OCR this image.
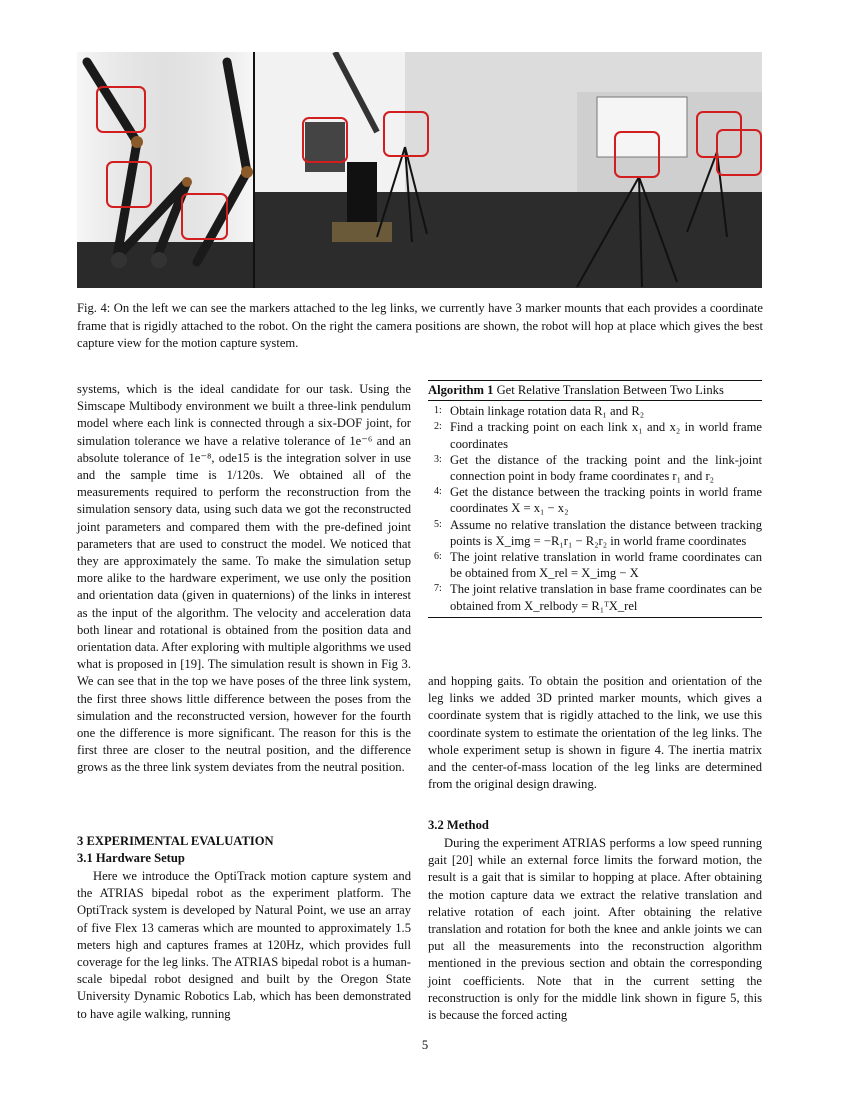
Fig. 4: On the left we can see the markers attached to the leg links, we currently have 3 marker mounts that each provides a coordinate frame that is rigidly attached to the robot. On the right the camera positions are shown, the robot will hop at place which gives the best capture view for the motion capture system.

systems, which is the ideal candidate for our task. Using the Simscape Multibody environment we built a three-link pendulum model where each link is connected through a six-DOF joint, for simulation tolerance we have a relative tolerance of 1e⁻⁶ and an absolute tolerance of 1e⁻⁸, ode15 is the integration solver in use and the sample time is 1/120s. We obtained all of the measurements required to perform the reconstruction from the simulation sensory data, using such data we got the reconstructed joint parameters and compared them with the pre-defined joint parameters that are used to construct the model. We noticed that they are approximately the same. To make the simulation setup more alike to the hardware experiment, we use only the position and orientation data (given in quaternions) of the links in interest as the input of the algorithm. The velocity and acceleration data both linear and rotational is obtained from the position data and orientation data. After exploring with multiple algorithms we used what is proposed in [19]. The simulation result is shown in Fig 3. We can see that in the top we have poses of the three link system, the first three shows little difference between the poses from the simulation and the reconstructed version, however for the fourth one the difference is more significant. The reason for this is the first three are closer to the neutral position, and the difference grows as the three link system deviates from the neutral position.

3 EXPERIMENTAL EVALUATION
3.1 Hardware Setup

Here we introduce the OptiTrack motion capture system and the ATRIAS bipedal robot as the experiment platform. The OptiTrack system is developed by Natural Point, we use an array of five Flex 13 cameras which are mounted to approximately 1.5 meters high and captures frames at 120Hz, which provides full coverage for the leg links. The ATRIAS bipedal robot is a human-scale bipedal robot designed and built by the Oregon State University Dynamic Robotics Lab, which has been demonstrated to have agile walking, running

Algorithm 1 Get Relative Translation Between Two Links
1: Obtain linkage rotation data R₁ and R₂
2: Find a tracking point on each link x₁ and x₂ in world frame coordinates
3: Get the distance of the tracking point and the link-joint connection point in body frame coordinates r₁ and r₂
4: Get the distance between the tracking points in world frame coordinates X = x₁ − x₂
5: Assume no relative translation the distance between tracking points is X_img = −R₁r₁ − R₂r₂ in world frame coordinates
6: The joint relative translation in world frame coordinates can be obtained from X_rel = X_img − X
7: The joint relative translation in base frame coordinates can be obtained from X_relbody = R₁ᵀX_rel

and hopping gaits. To obtain the position and orientation of the leg links we added 3D printed marker mounts, which gives a coordinate system that is rigidly attached to the link, we use this coordinate system to estimate the orientation of the leg links. The whole experiment setup is shown in figure 4. The inertia matrix and the center-of-mass location of the leg links are determined from the original design drawing.

3.2 Method

During the experiment ATRIAS performs a low speed running gait [20] while an external force limits the forward motion, the result is a gait that is similar to hopping at place. After obtaining the motion capture data we extract the relative translation and relative rotation of each joint. After obtaining the relative translation and rotation for both the knee and ankle joints we can put all the measurements into the reconstruction algorithm mentioned in the previous section and obtain the corresponding joint coefficients. Note that in the current setting the reconstruction is only for the middle link shown in figure 5, this is because the forced acting

5
